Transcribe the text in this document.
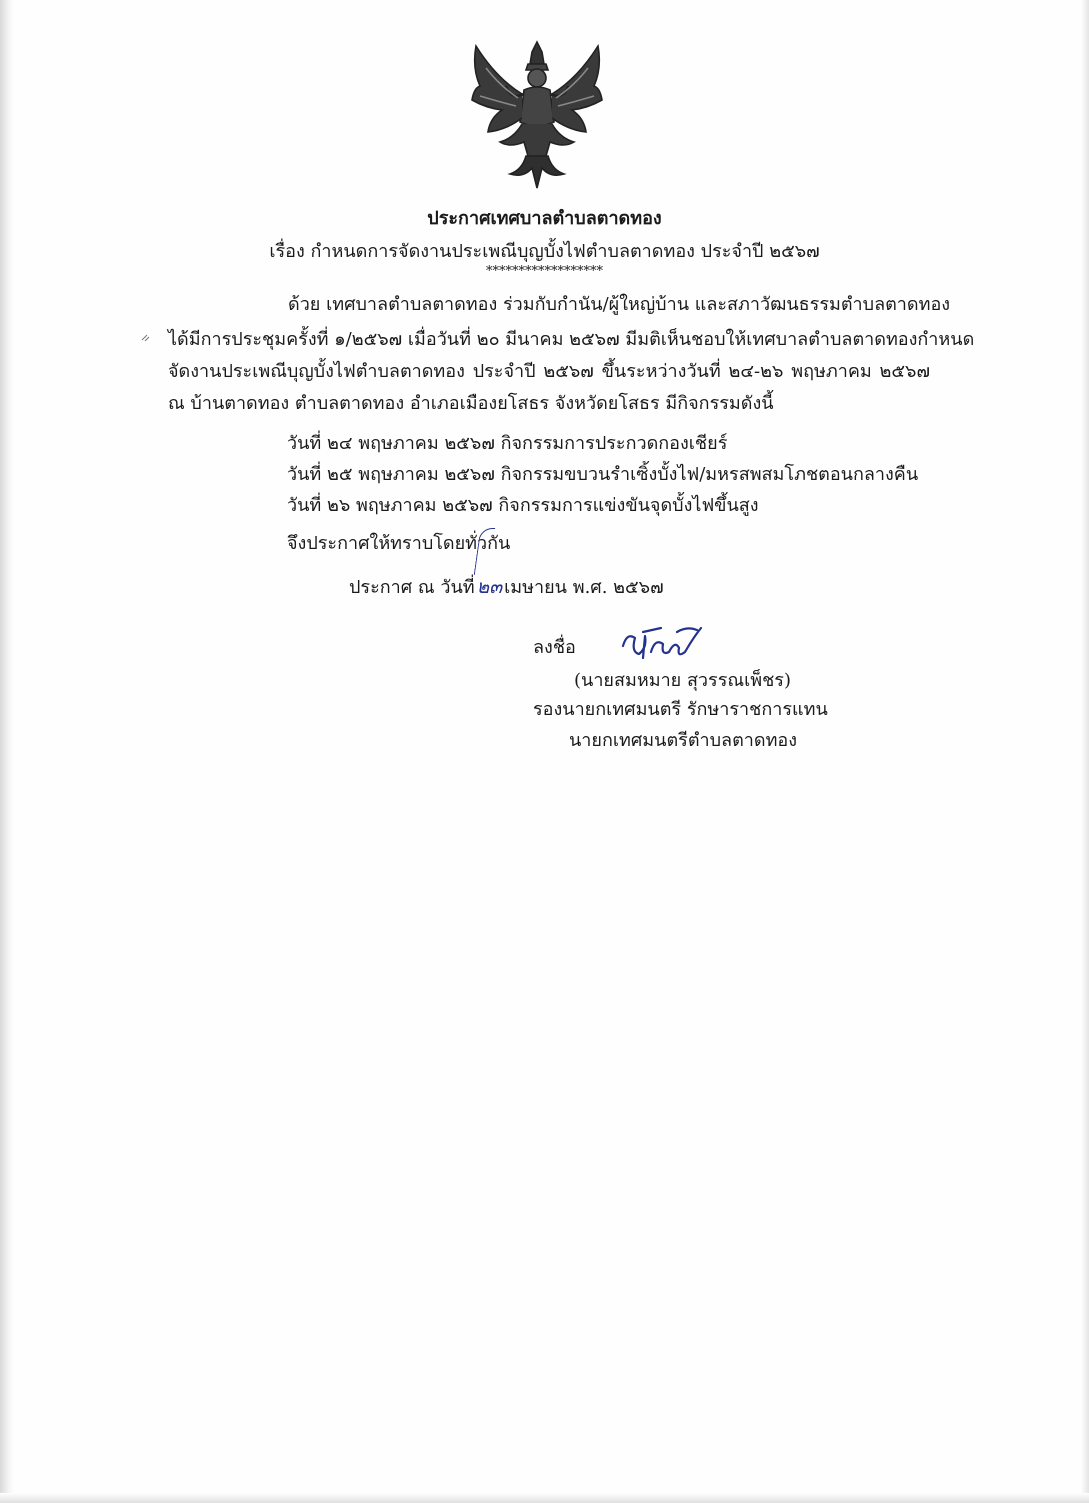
ประกาศเทศบาลตำบลตาดทอง

เรื่อง กำหนดการจัดงานประเพณีบุญบั้งไฟตำบลตาดทอง ประจำปี ๒๕๖๗

******************

ด้วย เทศบาลตำบลตาดทอง ร่วมกับกำนัน/ผู้ใหญ่บ้าน และสภาวัฒนธรรมตำบลตาดทอง

ได้มีการประชุมครั้งที่ ๑/๒๕๖๗ เมื่อวันที่ ๒๐ มีนาคม ๒๕๖๗ มีมติเห็นชอบให้เทศบาลตำบลตาดทองกำหนด

จัดงานประเพณีบุญบั้งไฟตำบลตาดทอง ประจำปี ๒๕๖๗ ขึ้นระหว่างวันที่ ๒๔-๒๖ พฤษภาคม ๒๕๖๗

ณ บ้านตาดทอง ตำบลตาดทอง อำเภอเมืองยโสธร จังหวัดยโสธร มีกิจกรรมดังนี้

วันที่ ๒๔ พฤษภาคม ๒๕๖๗ กิจกรรมการประกวดกองเชียร์

วันที่ ๒๕ พฤษภาคม ๒๕๖๗ กิจกรรมขบวนรำเซิ้งบั้งไฟ/มหรสพสมโภชตอนกลางคืน

วันที่ ๒๖ พฤษภาคม ๒๕๖๗ กิจกรรมการแข่งขันจุดบั้งไฟขึ้นสูง

จึงประกาศให้ทราบโดยทั่วกัน

ประกาศ ณ วันที่ ๒๓ เมษายน พ.ศ. ๒๕๖๗

ลงชื่อ

(นายสมหมาย สุวรรณเพ็ชร)

รองนายกเทศมนตรี รักษาราชการแทน

นายกเทศมนตรีตำบลตาดทอง
